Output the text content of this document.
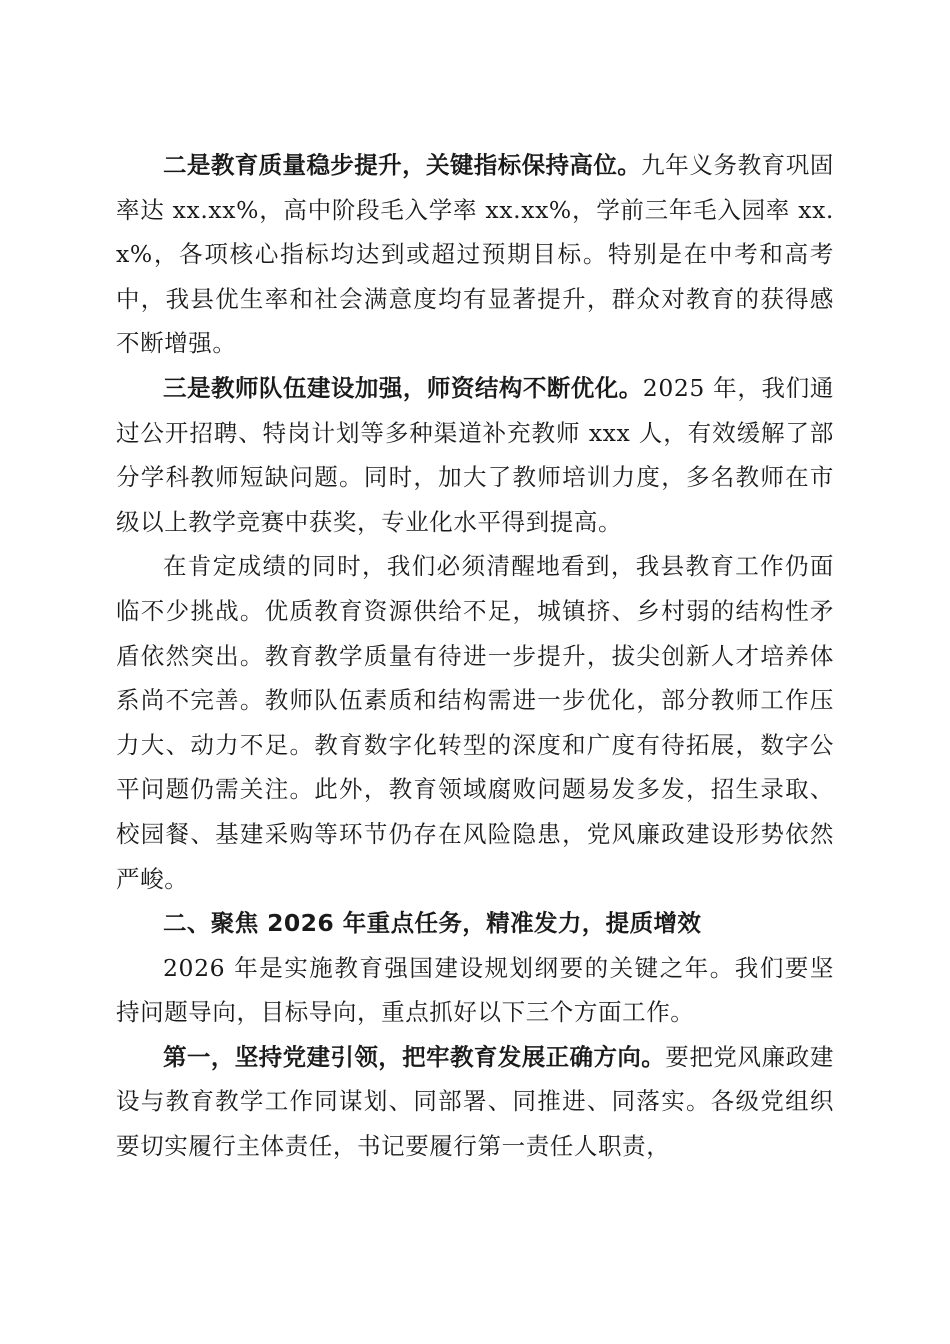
二是教育质量稳步提升，关键指标保持高位。九年义务教育巩固率达 xx.xx%，高中阶段毛入学率 xx.xx%，学前三年毛入园率 xx.x%，各项核心指标均达到或超过预期目标。特别是在中考和高考中，我县优生率和社会满意度均有显著提升，群众对教育的获得感不断增强。

三是教师队伍建设加强，师资结构不断优化。2025 年，我们通过公开招聘、特岗计划等多种渠道补充教师 xxx 人，有效缓解了部分学科教师短缺问题。同时，加大了教师培训力度，多名教师在市级以上教学竞赛中获奖，专业化水平得到提高。

在肯定成绩的同时，我们必须清醒地看到，我县教育工作仍面临不少挑战。优质教育资源供给不足，城镇挤、乡村弱的结构性矛盾依然突出。教育教学质量有待进一步提升，拔尖创新人才培养体系尚不完善。教师队伍素质和结构需进一步优化，部分教师工作压力大、动力不足。教育数字化转型的深度和广度有待拓展，数字公平问题仍需关注。此外，教育领域腐败问题易发多发，招生录取、校园餐、基建采购等环节仍存在风险隐患，党风廉政建设形势依然严峻。

二、聚焦 2026 年重点任务，精准发力，提质增效

2026 年是实施教育强国建设规划纲要的关键之年。我们要坚持问题导向，目标导向，重点抓好以下三个方面工作。

第一，坚持党建引领，把牢教育发展正确方向。要把党风廉政建设与教育教学工作同谋划、同部署、同推进、同落实。各级党组织要切实履行主体责任，书记要履行第一责任人职责，
